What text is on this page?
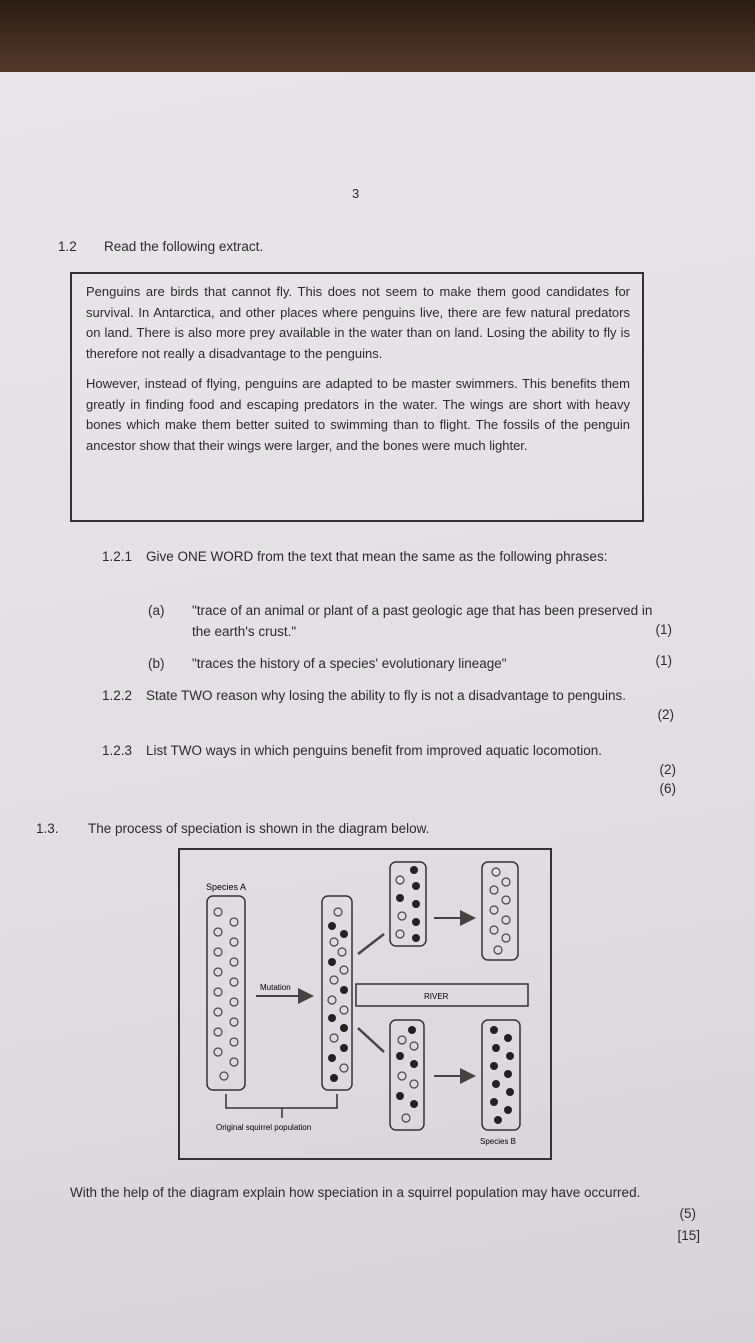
3
1.2 Read the following extract.

Penguins are birds that cannot fly. This does not seem to make them good candidates for survival. In Antarctica, and other places where penguins live, there are few natural predators on land. There is also more prey available in the water than on land. Losing the ability to fly is therefore not really a disadvantage to the penguins.

However, instead of flying, penguins are adapted to be master swimmers. This benefits them greatly in finding food and escaping predators in the water. The wings are short with heavy bones which make them better suited to swimming than to flight. The fossils of the penguin ancestor show that their wings were larger, and the bones were much lighter.

1.2.1 Give ONE WORD from the text that mean the same as the following phrases:
(a) "trace of an animal or plant of a past geologic age that has been preserved in the earth's crust."	(1)
(b) "traces the history of a species' evolutionary lineage"	(1)
1.2.2 State TWO reason why losing the ability to fly is not a disadvantage to penguins.
(2)
1.2.3 List TWO ways in which penguins benefit from improved aquatic locomotion.
(2)
(6)
1.3. The process of speciation is shown in the diagram below.
Species A
Mutation
RIVER
Original squirrel population
Species B
With the help of the diagram explain how speciation in a squirrel population may have occurred.
(5)
[15]
